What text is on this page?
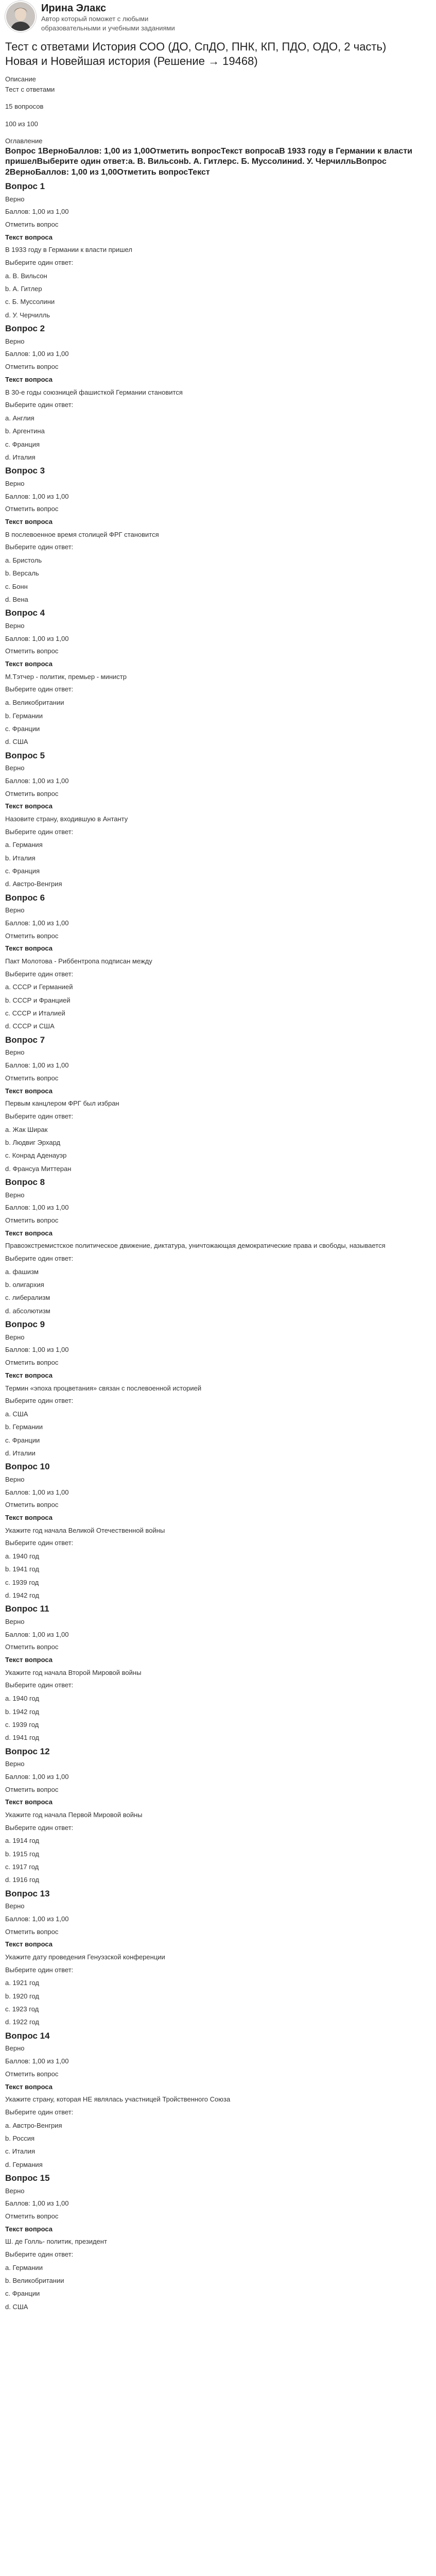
Ирина Элакс
Автор который поможет с любыми образовательными и учебными заданиями
Тест с ответами История СОО (ДО, СпДО, ПНК, КП, ПДО, ОДО, 2 часть) Новая и Новейшая история (Решение → 19468)

Описание

Тест с ответами

15 вопросов

100 из 100

Оглавление

Вопрос 1ВерноБаллов: 1,00 из 1,00Отметить вопросТекст вопросаВ 1933 году в Германии к власти пришелВыберите один ответ:a. В. Вильсонb. А. Гитлерc. Б. Муссолиниd. У. ЧерчилльВопрос 2ВерноБаллов: 1,00 из 1,00Отметить вопросТекст

Вопрос 1

Верно

Баллов: 1,00 из 1,00

Отметить вопрос

Текст вопроса

В 1933 году в Германии к власти пришел

Выберите один ответ:

a. В. Вильсон
b. А. Гитлер
c. Б. Муссолини
d. У. Черчилль

Вопрос 2

Верно

Баллов: 1,00 из 1,00

Отметить вопрос

Текст вопроса

В 30-е годы союзницей фашисткой Германии становится

Выберите один ответ:

a. Англия
b. Аргентина
c. Франция
d. Италия

Вопрос 3

Верно

Баллов: 1,00 из 1,00

Отметить вопрос

Текст вопроса

В послевоенное время столицей ФРГ становится

Выберите один ответ:

a. Бристоль
b. Версаль
c. Бонн
d. Вена

Вопрос 4

Верно

Баллов: 1,00 из 1,00

Отметить вопрос

Текст вопроса

М.Тэтчер - политик, премьер - министр

Выберите один ответ:

a. Великобритании
b. Германии
c. Франции
d. США

Вопрос 5

Верно

Баллов: 1,00 из 1,00

Отметить вопрос

Текст вопроса

Назовите страну, входившую в Антанту

Выберите один ответ:

a. Германия
b. Италия
c. Франция
d. Австро-Венгрия

Вопрос 6

Верно

Баллов: 1,00 из 1,00

Отметить вопрос

Текст вопроса

Пакт Молотова - Риббентропа подписан между

Выберите один ответ:

a. СССР и Германией
b. СССР и Францией
c. СССР и Италией
d. СССР и США

Вопрос 7

Верно

Баллов: 1,00 из 1,00

Отметить вопрос

Текст вопроса

Первым канцлером ФРГ был избран

Выберите один ответ:

a. Жак Ширак
b. Людвиг Эрхард
c. Конрад Аденауэр
d. Франсуа Миттеран

Вопрос 8

Верно

Баллов: 1,00 из 1,00

Отметить вопрос

Текст вопроса

Правоэкстремистское политическое движение, диктатура, уничтожающая демократические права и свободы, называется

Выберите один ответ:

a. фашизм
b. олигархия
c. либерализм
d. абсолютизм

Вопрос 9

Верно

Баллов: 1,00 из 1,00

Отметить вопрос

Текст вопроса

Термин «эпоха процветания» связан с послевоенной историей

Выберите один ответ:

a. США
b. Германии
c. Франции
d. Италии

Вопрос 10

Верно

Баллов: 1,00 из 1,00

Отметить вопрос

Текст вопроса

Укажите год начала Великой Отечественной войны

Выберите один ответ:

a. 1940 год
b. 1941 год
c. 1939 год
d. 1942 год

Вопрос 11

Верно

Баллов: 1,00 из 1,00

Отметить вопрос

Текст вопроса

Укажите год начала Второй Мировой войны

Выберите один ответ:

a. 1940 год
b. 1942 год
c. 1939 год
d. 1941 год

Вопрос 12

Верно

Баллов: 1,00 из 1,00

Отметить вопрос

Текст вопроса

Укажите год начала Первой Мировой войны

Выберите один ответ:

a. 1914 год
b. 1915 год
c. 1917 год
d. 1916 год

Вопрос 13

Верно

Баллов: 1,00 из 1,00

Отметить вопрос

Текст вопроса

Укажите дату проведения Генуэзской конференции

Выберите один ответ:

a. 1921 год
b. 1920 год
c. 1923 год
d. 1922 год

Вопрос 14

Верно

Баллов: 1,00 из 1,00

Отметить вопрос

Текст вопроса

Укажите страну, которая НЕ являлась участницей Тройственного Союза

Выберите один ответ:

a. Австро-Венгрия
b. Россия
c. Италия
d. Германия

Вопрос 15

Верно

Баллов: 1,00 из 1,00

Отметить вопрос

Текст вопроса

Ш. де Голль- политик, президент

Выберите один ответ:

a. Германии
b. Великобритании
c. Франции
d. США
